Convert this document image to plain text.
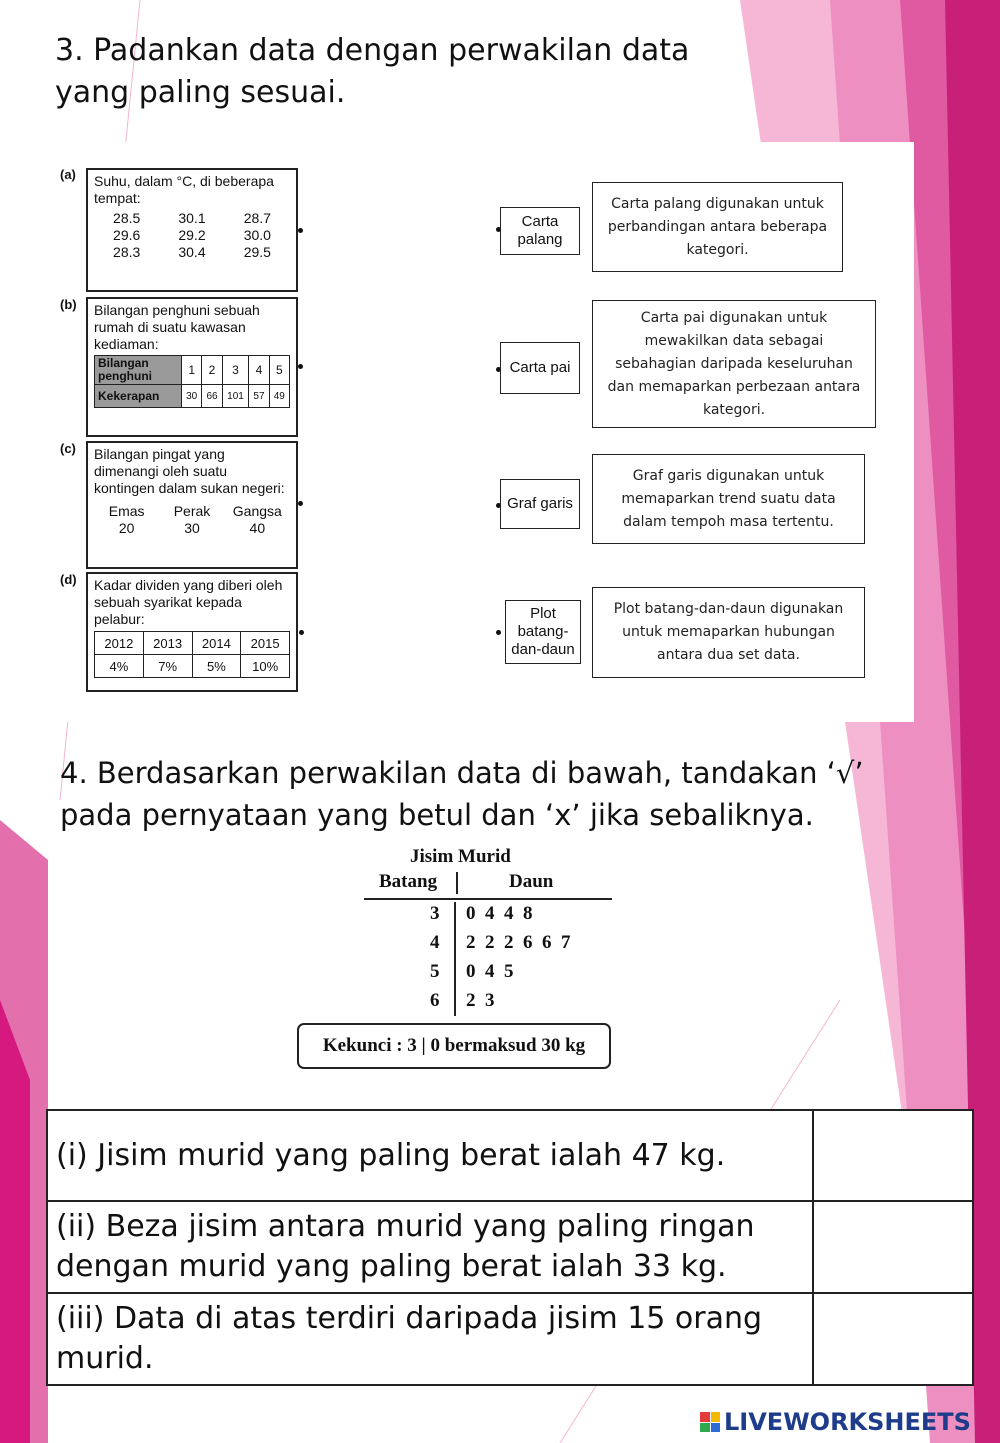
3. Padankan data dengan perwakilan data
yang paling sesuai.
(a) Suhu, dalam °C, di beberapa tempat:
28.5	30.1	28.7
29.6	29.2	30.0
28.3	30.4	29.5
(b) Bilangan penghuni sebuah rumah di suatu kawasan kediaman:
Bilangan penghuni	1	2	3	4	5
Kekerapan	30	66	101	57	49
(c) Bilangan pingat yang dimenangi oleh suatu kontingen dalam sukan negeri:
Emas	Perak	Gangsa
20	30	40
(d) Kadar dividen yang diberi oleh sebuah syarikat kepada pelabur:
2012	2013	2014	2015
4%	7%	5%	10%
Carta palang
Carta pai
Graf garis
Plot batang-dan-daun
Carta palang digunakan untuk perbandingan antara beberapa kategori.
Carta pai digunakan untuk mewakilkan data sebagai sebahagian daripada keseluruhan dan memaparkan perbezaan antara kategori.
Graf garis digunakan untuk memaparkan trend suatu data dalam tempoh masa tertentu.
Plot batang-dan-daun digunakan untuk memaparkan hubungan antara dua set data.
4. Berdasarkan perwakilan data di bawah, tandakan ‘√’
pada pernyataan yang betul dan ‘x’ jika sebaliknya.
Jisim Murid
Batang	Daun
3 0  4  4  8
4 2  2  2  6  6  7
5 0  4  5
6 2  3
Kekunci : 3 | 0 bermaksud 30 kg
(i) Jisim murid yang paling berat ialah 47 kg.	
(ii) Beza jisim antara murid yang paling ringan dengan murid yang paling berat ialah 33 kg.	
(iii) Data di atas terdiri daripada jisim 15 orang murid.	
LIVEWORKSHEETS
